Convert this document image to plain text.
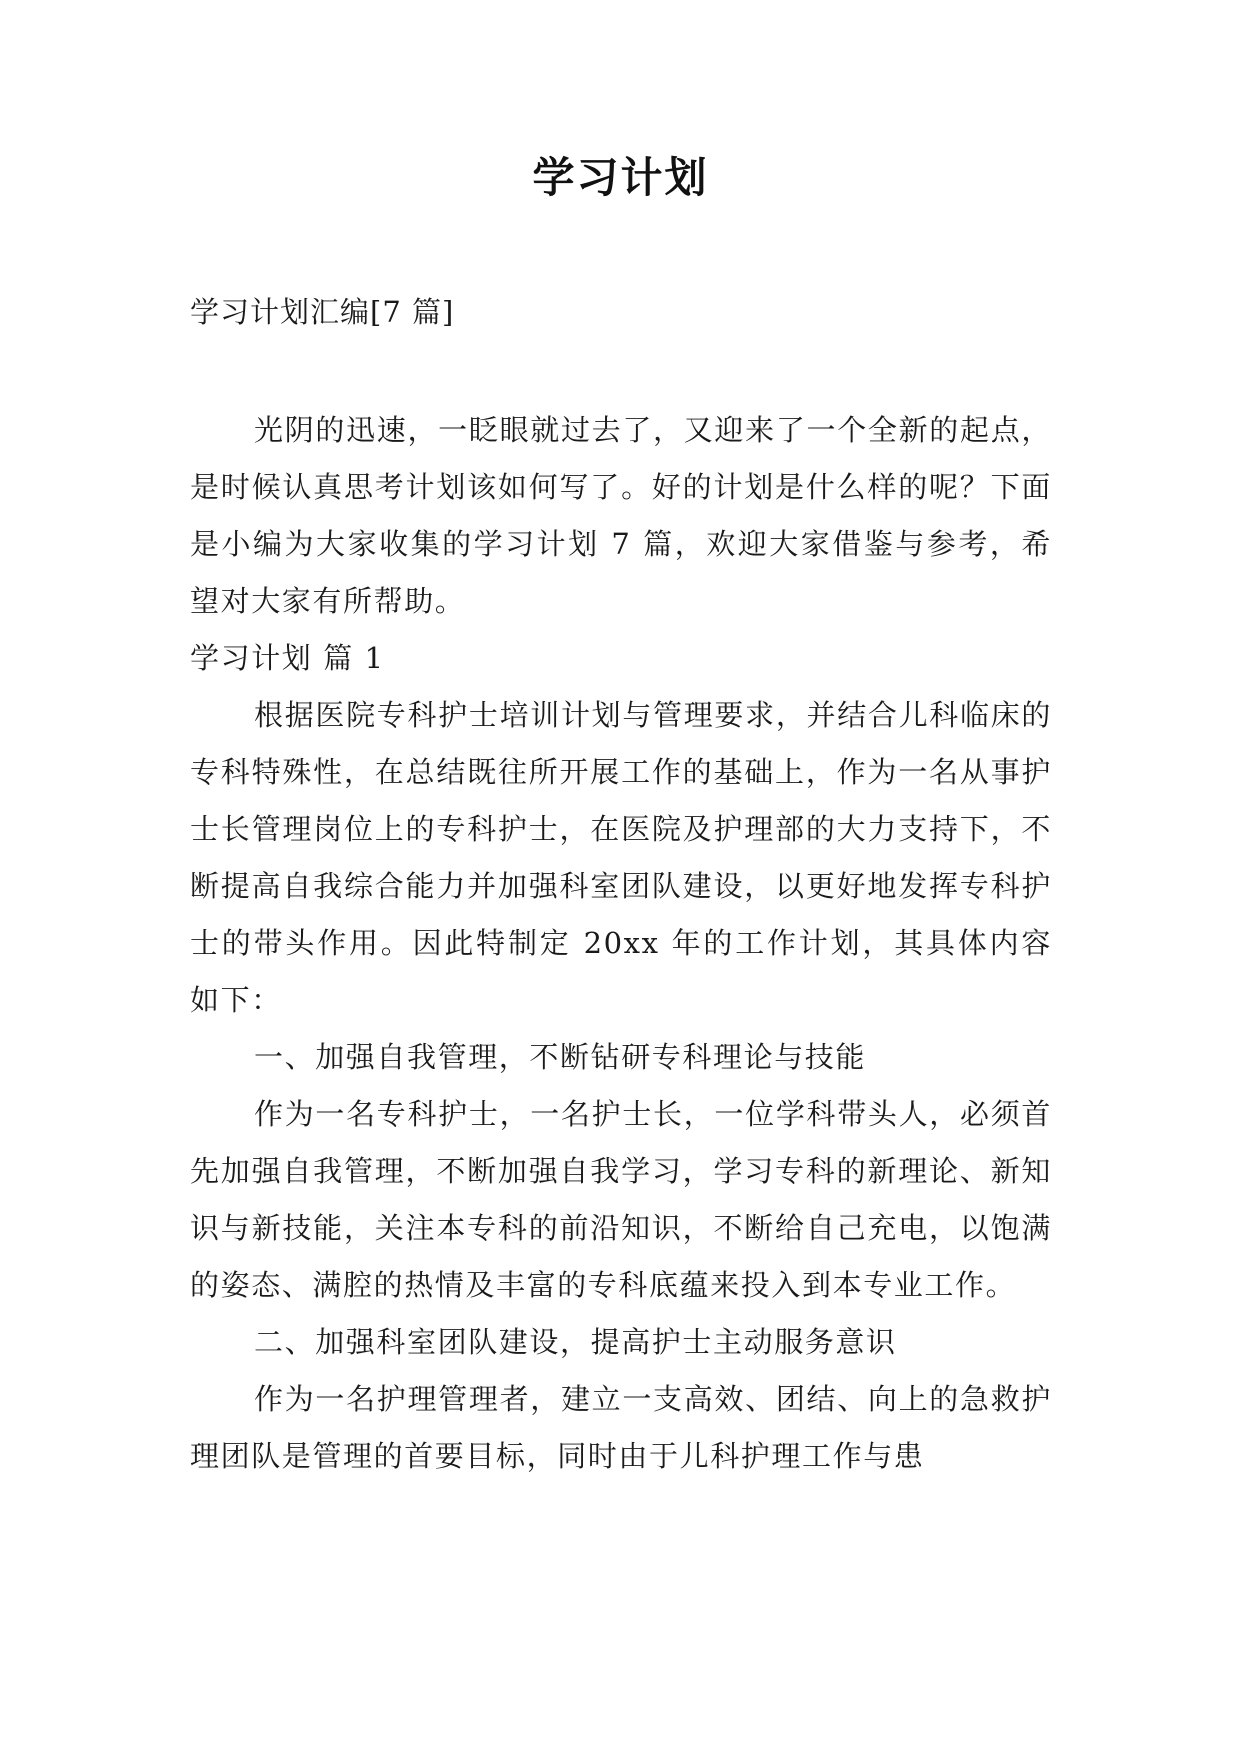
学习计划
学习计划汇编[7 篇]

光阴的迅速，一眨眼就过去了，又迎来了一个全新的起点，是时候认真思考计划该如何写了。好的计划是什么样的呢？下面是小编为大家收集的学习计划 7 篇，欢迎大家借鉴与参考，希望对大家有所帮助。

学习计划 篇 1

根据医院专科护士培训计划与管理要求，并结合儿科临床的专科特殊性，在总结既往所开展工作的基础上，作为一名从事护士长管理岗位上的专科护士，在医院及护理部的大力支持下，不断提高自我综合能力并加强科室团队建设，以更好地发挥专科护士的带头作用。因此特制定 20xx 年的工作计划，其具体内容如下：

一、加强自我管理，不断钻研专科理论与技能

作为一名专科护士，一名护士长，一位学科带头人，必须首先加强自我管理，不断加强自我学习，学习专科的新理论、新知识与新技能，关注本专科的前沿知识，不断给自己充电，以饱满的姿态、满腔的热情及丰富的专科底蕴来投入到本专业工作。

二、加强科室团队建设，提高护士主动服务意识

作为一名护理管理者，建立一支高效、团结、向上的急救护理团队是管理的首要目标，同时由于儿科护理工作与患
